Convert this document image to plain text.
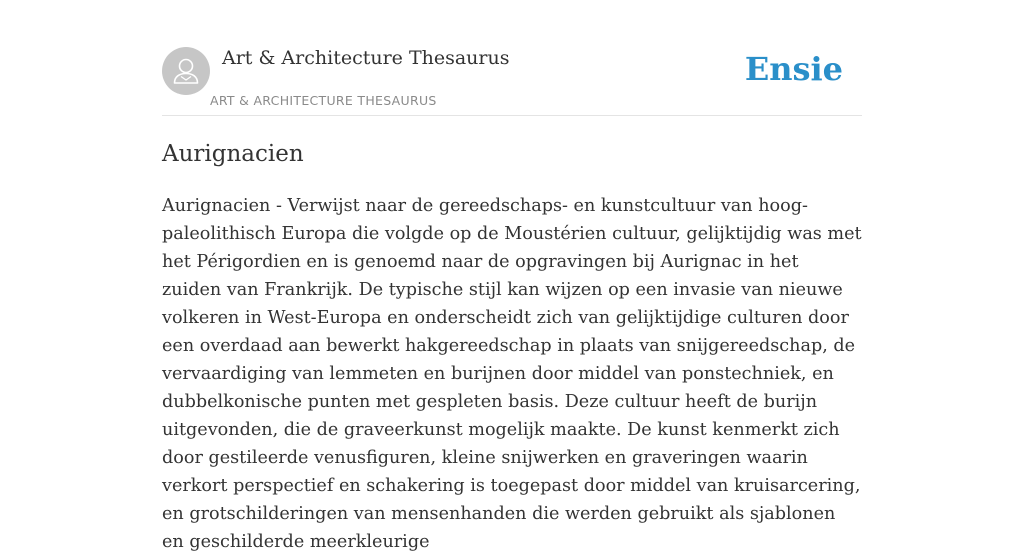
Art & Architecture Thesaurus
ART & ARCHITECTURE THESAURUS
Ensie
Aurignacien

Aurignacien - Verwijst naar de gereedschaps- en kunstcultuur van hoog-paleolithisch Europa die volgde op de Moustérien cultuur, gelijktijdig was met het Périgordien en is genoemd naar de opgravingen bij Aurignac in het zuiden van Frankrijk. De typische stijl kan wijzen op een invasie van nieuwe volkeren in West-Europa en onderscheidt zich van gelijktijdige culturen door een overdaad aan bewerkt hakgereedschap in plaats van snijgereedschap, de vervaardiging van lemmeten en burijnen door middel van ponstechniek, en dubbelkonische punten met gespleten basis. Deze cultuur heeft de burijn uitgevonden, die de graveerkunst mogelijk maakte. De kunst kenmerkt zich door gestileerde venusfiguren, kleine snijwerken en graveringen waarin verkort perspectief en schakering is toegepast door middel van kruisarcering, en grotschilderingen van mensenhanden die werden gebruikt als sjablonen en geschilderde meerkleurige
